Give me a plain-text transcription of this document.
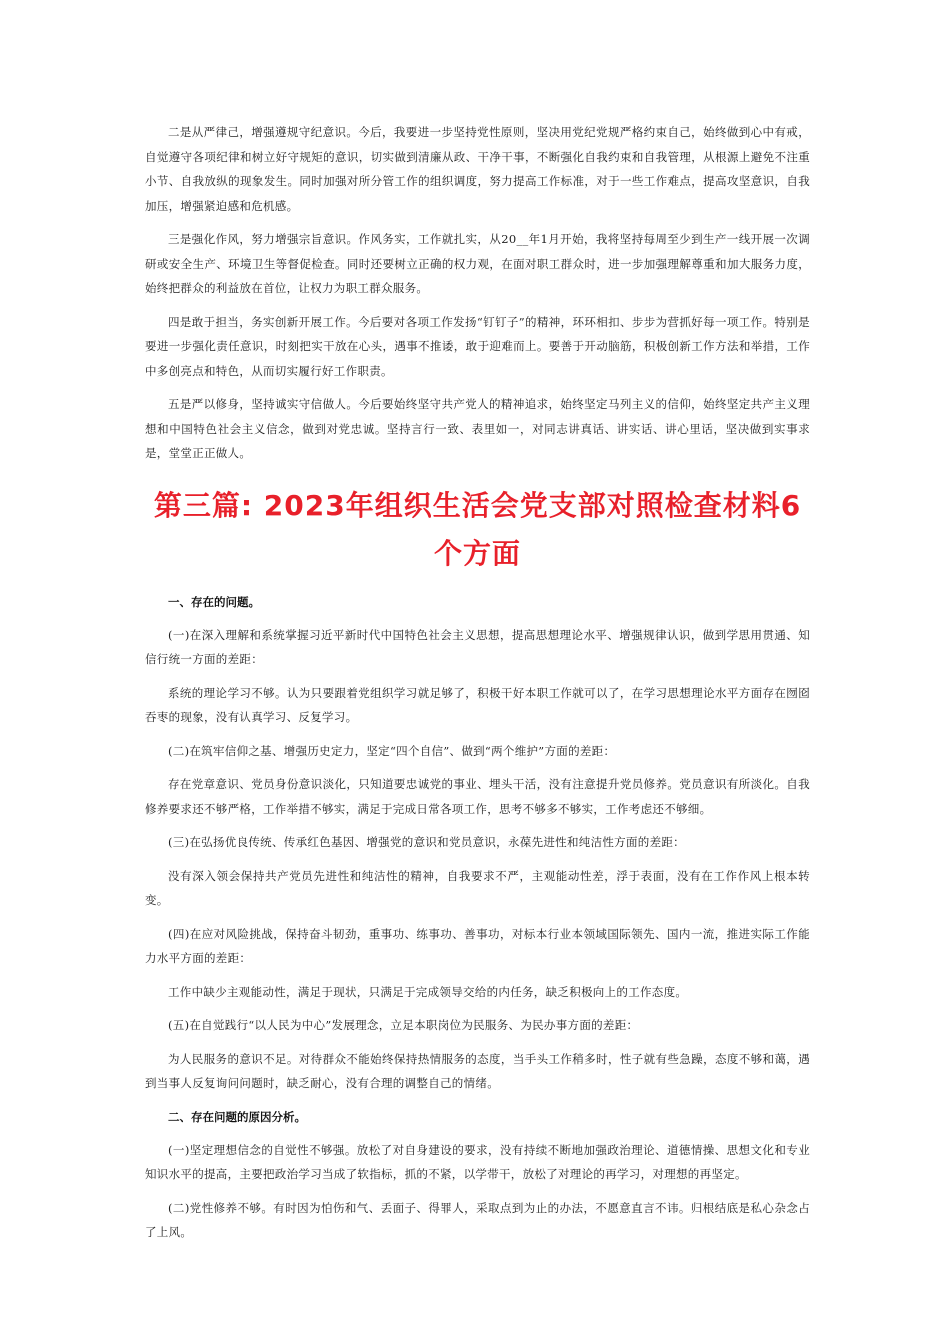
二是从严律己，增强遵规守纪意识。今后，我要进一步坚持党性原则，坚决用党纪党规严格约束自己，始终做到心中有戒，自觉遵守各项纪律和树立好守规矩的意识，切实做到清廉从政、干净干事，不断强化自我约束和自我管理，从根源上避免不注重小节、自我放纵的现象发生。同时加强对所分管工作的组织调度，努力提高工作标准，对于一些工作难点，提高攻坚意识，自我加压，增强紧迫感和危机感。

三是强化作风，努力增强宗旨意识。作风务实，工作就扎实，从20__年1月开始，我将坚持每周至少到生产一线开展一次调研或安全生产、环境卫生等督促检查。同时还要树立正确的权力观，在面对职工群众时，进一步加强理解尊重和加大服务力度，始终把群众的利益放在首位，让权力为职工群众服务。

四是敢于担当，务实创新开展工作。今后要对各项工作发扬“钉钉子”的精神，环环相扣、步步为营抓好每一项工作。特别是要进一步强化责任意识，时刻把实干放在心头，遇事不推诿，敢于迎难而上。要善于开动脑筋，积极创新工作方法和举措，工作中多创亮点和特色，从而切实履行好工作职责。

五是严以修身，坚持诚实守信做人。今后要始终坚守共产党人的精神追求，始终坚定马列主义的信仰，始终坚定共产主义理想和中国特色社会主义信念，做到对党忠诚。坚持言行一致、表里如一，对同志讲真话、讲实话、讲心里话，坚决做到实事求是，堂堂正正做人。

第三篇: 2023年组织生活会党支部对照检查材料6个方面
一、存在的问题。

(一)在深入理解和系统掌握习近平新时代中国特色社会主义思想，提高思想理论水平、增强规律认识，做到学思用贯通、知信行统一方面的差距：

系统的理论学习不够。认为只要跟着党组织学习就足够了，积极干好本职工作就可以了，在学习思想理论水平方面存在囫囵吞枣的现象，没有认真学习、反复学习。

(二)在筑牢信仰之基、增强历史定力，坚定“四个自信”、做到“两个维护”方面的差距：

存在党章意识、党员身份意识淡化，只知道要忠诚党的事业、埋头干活，没有注意提升党员修养。党员意识有所淡化。自我修养要求还不够严格，工作举措不够实，满足于完成日常各项工作，思考不够多不够实，工作考虑还不够细。

(三)在弘扬优良传统、传承红色基因、增强党的意识和党员意识，永葆先进性和纯洁性方面的差距：

没有深入领会保持共产党员先进性和纯洁性的精神，自我要求不严，主观能动性差，浮于表面，没有在工作作风上根本转变。

(四)在应对风险挑战，保持奋斗韧劲，重事功、练事功、善事功，对标本行业本领域国际领先、国内一流，推进实际工作能力水平方面的差距：

工作中缺少主观能动性，满足于现状，只满足于完成领导交给的内任务，缺乏积极向上的工作态度。

(五)在自觉践行“以人民为中心”发展理念，立足本职岗位为民服务、为民办事方面的差距：

为人民服务的意识不足。对待群众不能始终保持热情服务的态度，当手头工作稍多时，性子就有些急躁，态度不够和蔼，遇到当事人反复询问问题时，缺乏耐心，没有合理的调整自己的情绪。

二、存在问题的原因分析。

(一)坚定理想信念的自觉性不够强。放松了对自身建设的要求，没有持续不断地加强政治理论、道德情操、思想文化和专业知识水平的提高，主要把政治学习当成了软指标，抓的不紧，以学带干，放松了对理论的再学习，对理想的再坚定。

(二)党性修养不够。有时因为怕伤和气、丢面子、得罪人，采取点到为止的办法，不愿意直言不讳。归根结底是私心杂念占了上风。
